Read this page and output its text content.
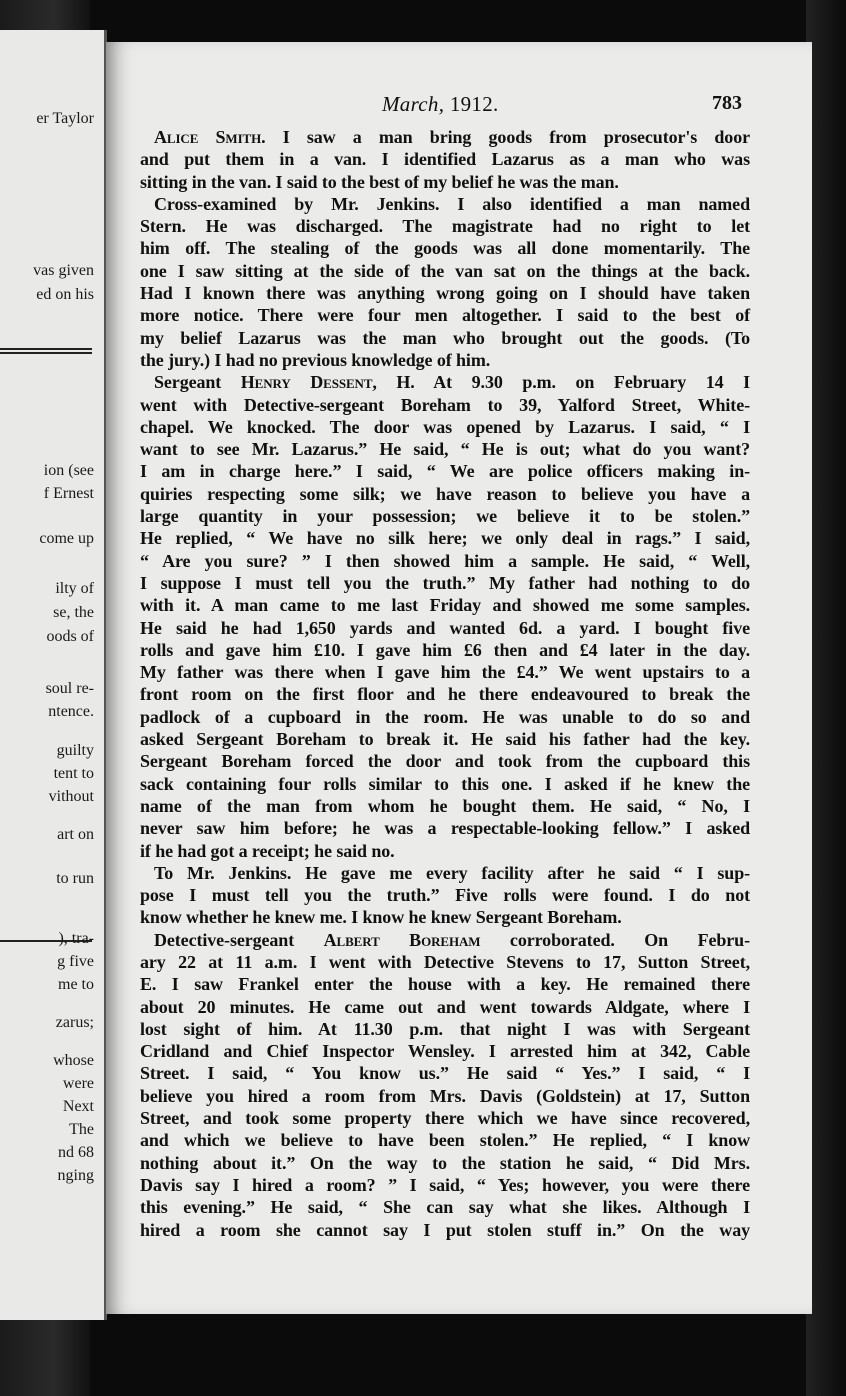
er Taylor
vas given
ed on his
ion (see
f Ernest
come up
ilty of
se, the
oods of
soul re-
ntence.
guilty
tent to
vithout
art on
to run
), tra-
g five
me to
zarus;
whose
were
Next
The
nd 68
nging
March, 1912.	783
Alice Smith. I saw a man bring goods from prosecutor's door
and put them in a van. I identified Lazarus as a man who was
sitting in the van. I said to the best of my belief he was the man.
Cross-examined by Mr. Jenkins. I also identified a man named
Stern. He was discharged. The magistrate had no right to let
him off. The stealing of the goods was all done momentarily. The
one I saw sitting at the side of the van sat on the things at the back.
Had I known there was anything wrong going on I should have taken
more notice. There were four men altogether. I said to the best of
my belief Lazarus was the man who brought out the goods. (To
the jury.) I had no previous knowledge of him.
Sergeant Henry Dessent, H. At 9.30 p.m. on February 14 I
went with Detective-sergeant Boreham to 39, Yalford Street, White-
chapel. We knocked. The door was opened by Lazarus. I said, “ I
want to see Mr. Lazarus.” He said, “ He is out; what do you want?
I am in charge here.” I said, “ We are police officers making in-
quiries respecting some silk; we have reason to believe you have a
large quantity in your possession; we believe it to be stolen.”
He replied, “ We have no silk here; we only deal in rags.” I said,
“ Are you sure? ” I then showed him a sample. He said, “ Well,
I suppose I must tell you the truth.” My father had nothing to do
with it. A man came to me last Friday and showed me some samples.
He said he had 1,650 yards and wanted 6d. a yard. I bought five
rolls and gave him £10. I gave him £6 then and £4 later in the day.
My father was there when I gave him the £4.” We went upstairs to a
front room on the first floor and he there endeavoured to break the
padlock of a cupboard in the room. He was unable to do so and
asked Sergeant Boreham to break it. He said his father had the key.
Sergeant Boreham forced the door and took from the cupboard this
sack containing four rolls similar to this one. I asked if he knew the
name of the man from whom he bought them. He said, “ No, I
never saw him before; he was a respectable-looking fellow.” I asked
if he had got a receipt; he said no.
To Mr. Jenkins. He gave me every facility after he said “ I sup-
pose I must tell you the truth.” Five rolls were found. I do not
know whether he knew me. I know he knew Sergeant Boreham.
Detective-sergeant Albert Boreham corroborated. On Febru-
ary 22 at 11 a.m. I went with Detective Stevens to 17, Sutton Street,
E. I saw Frankel enter the house with a key. He remained there
about 20 minutes. He came out and went towards Aldgate, where I
lost sight of him. At 11.30 p.m. that night I was with Sergeant
Cridland and Chief Inspector Wensley. I arrested him at 342, Cable
Street. I said, “ You know us.” He said “ Yes.” I said, “ I
believe you hired a room from Mrs. Davis (Goldstein) at 17, Sutton
Street, and took some property there which we have since recovered,
and which we believe to have been stolen.” He replied, “ I know
nothing about it.” On the way to the station he said, “ Did Mrs.
Davis say I hired a room? ” I said, “ Yes; however, you were there
this evening.” He said, “ She can say what she likes. Although I
hired a room she cannot say I put stolen stuff in.” On the way
